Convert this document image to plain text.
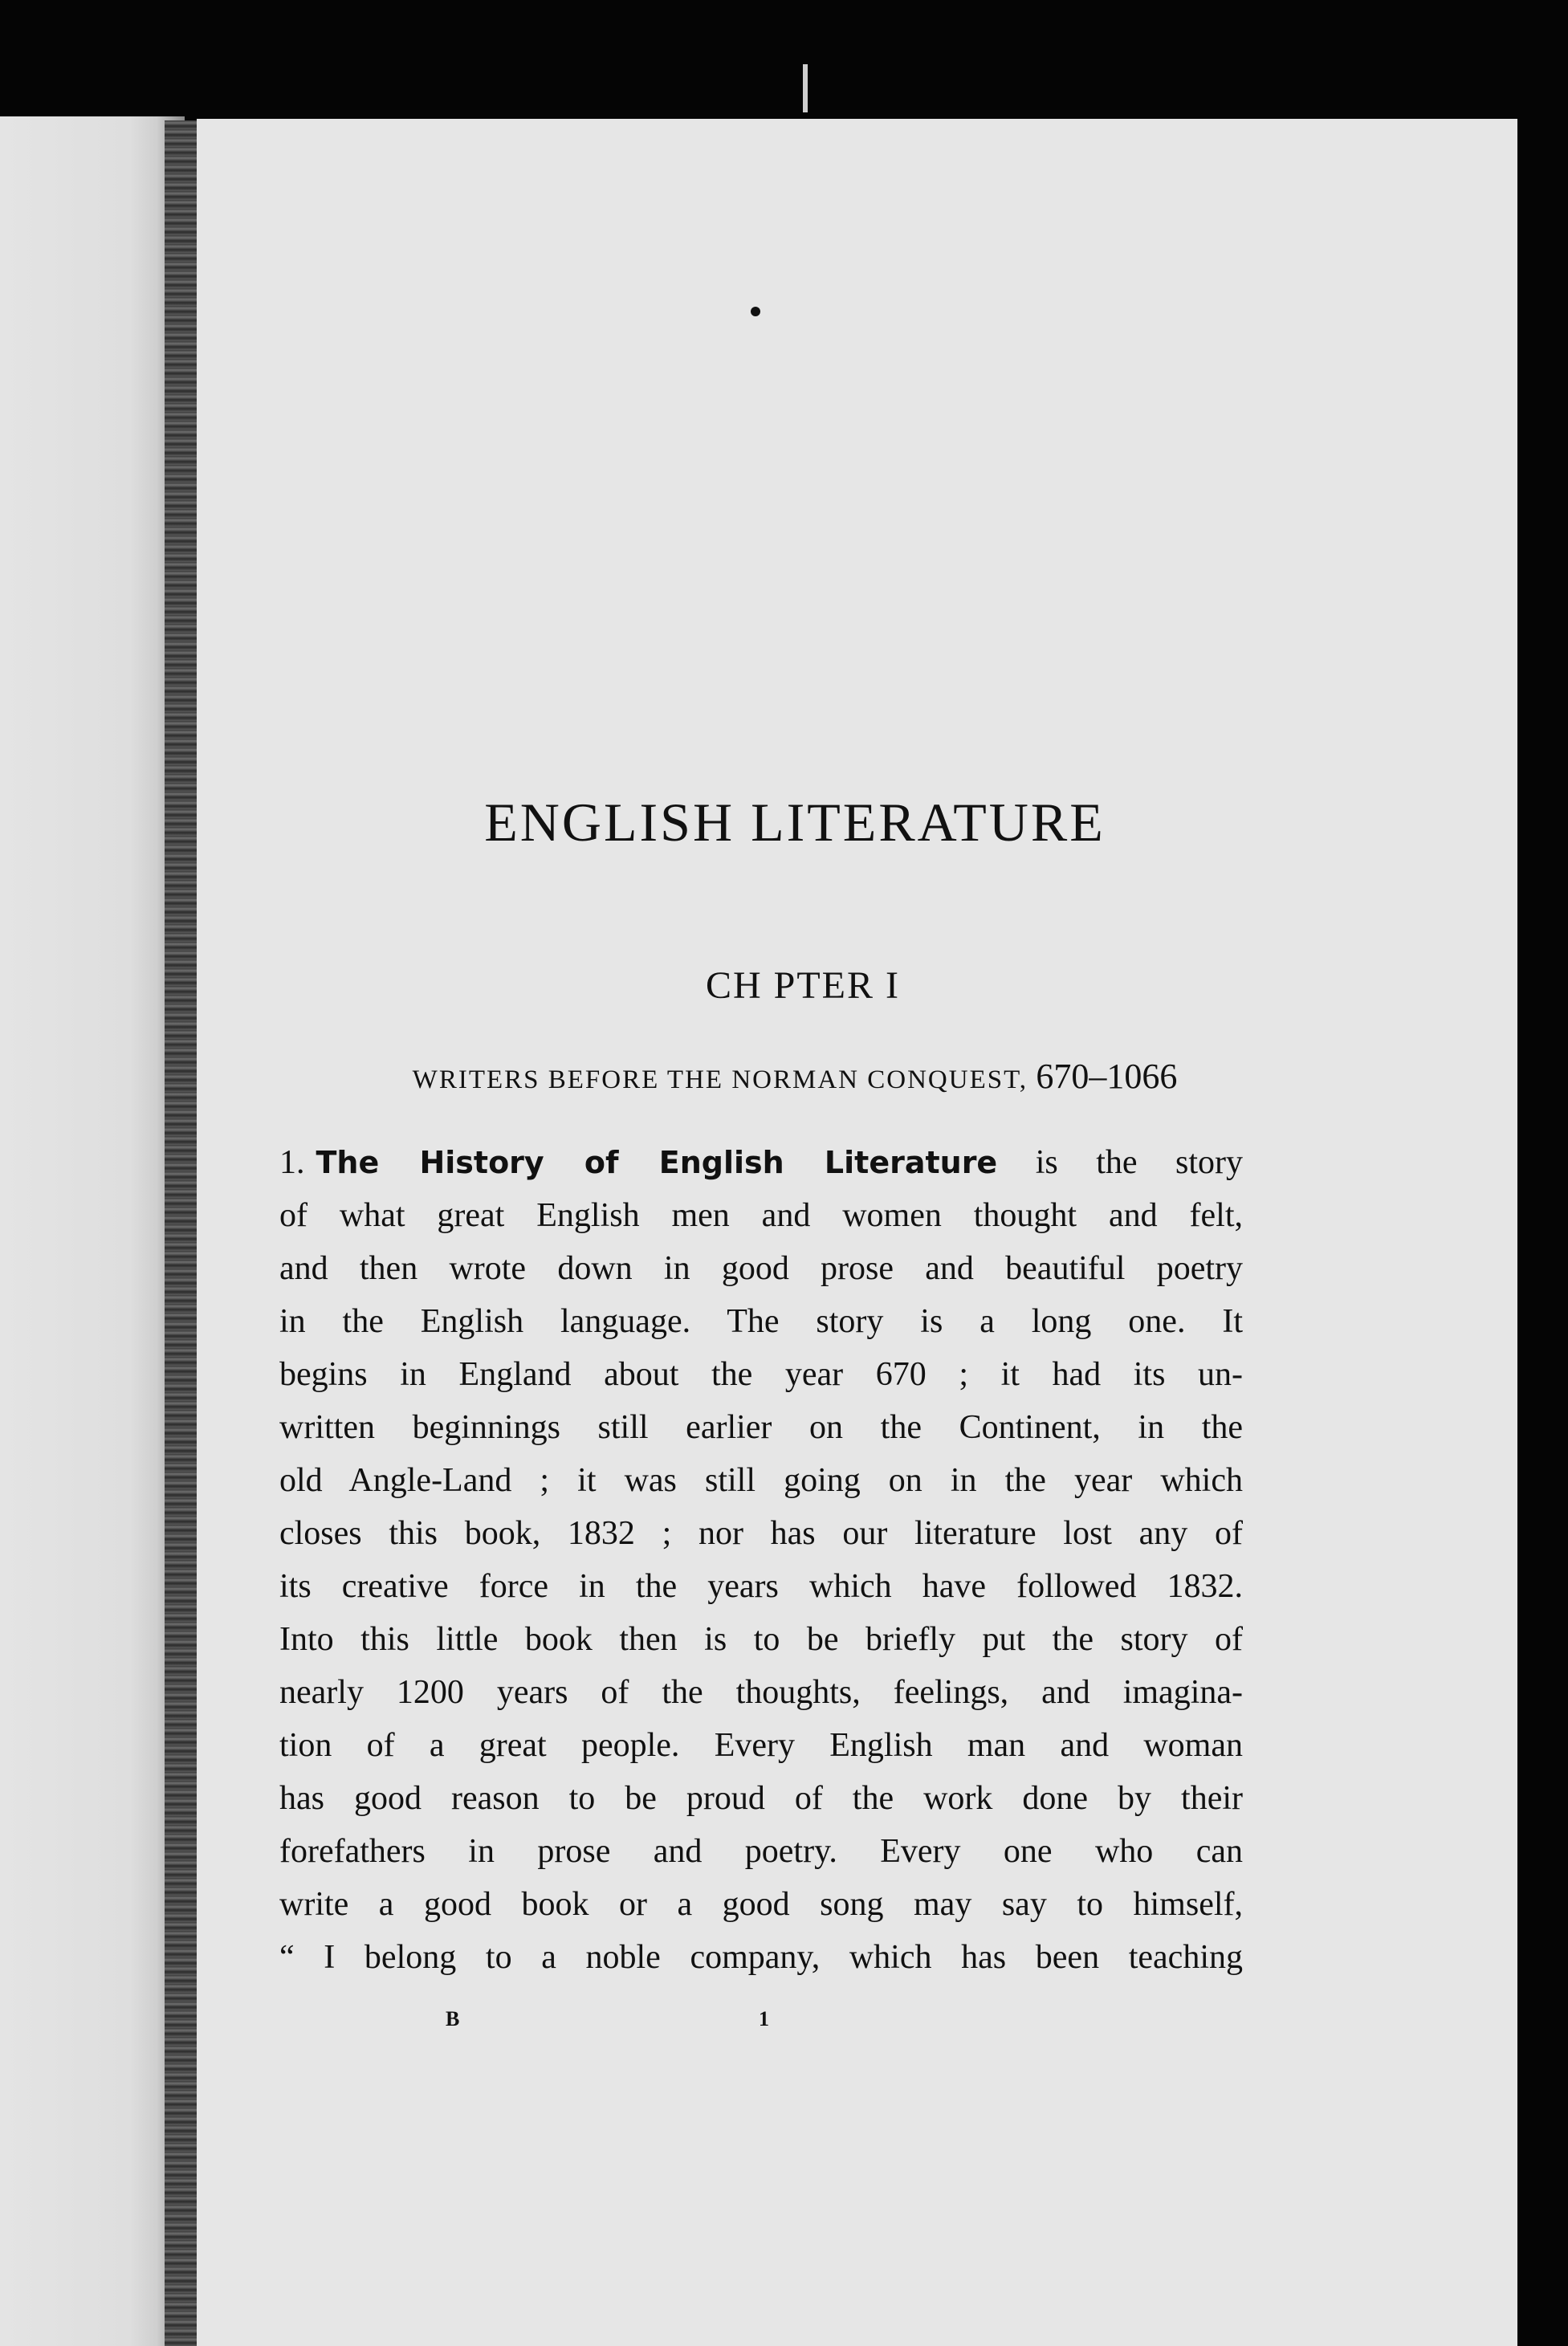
ENGLISH LITERATURE
CH PTER I
WRITERS BEFORE THE NORMAN CONQUEST, 670–1066
1. The History of English Literature is the story
of what great English men and women thought and felt,
and then wrote down in good prose and beautiful poetry
in the English language. The story is a long one. It
begins in England about the year 670 ; it had its un-
written beginnings still earlier on the Continent, in the
old Angle-Land ; it was still going on in the year which
closes this book, 1832 ; nor has our literature lost any of
its creative force in the years which have followed 1832.
Into this little book then is to be briefly put the story of
nearly 1200 years of the thoughts, feelings, and imagina-
tion of a great people. Every English man and woman
has good reason to be proud of the work done by their
forefathers in prose and poetry. Every one who can
write a good book or a good song may say to himself,
“ I belong to a noble company, which has been teaching
B	1
